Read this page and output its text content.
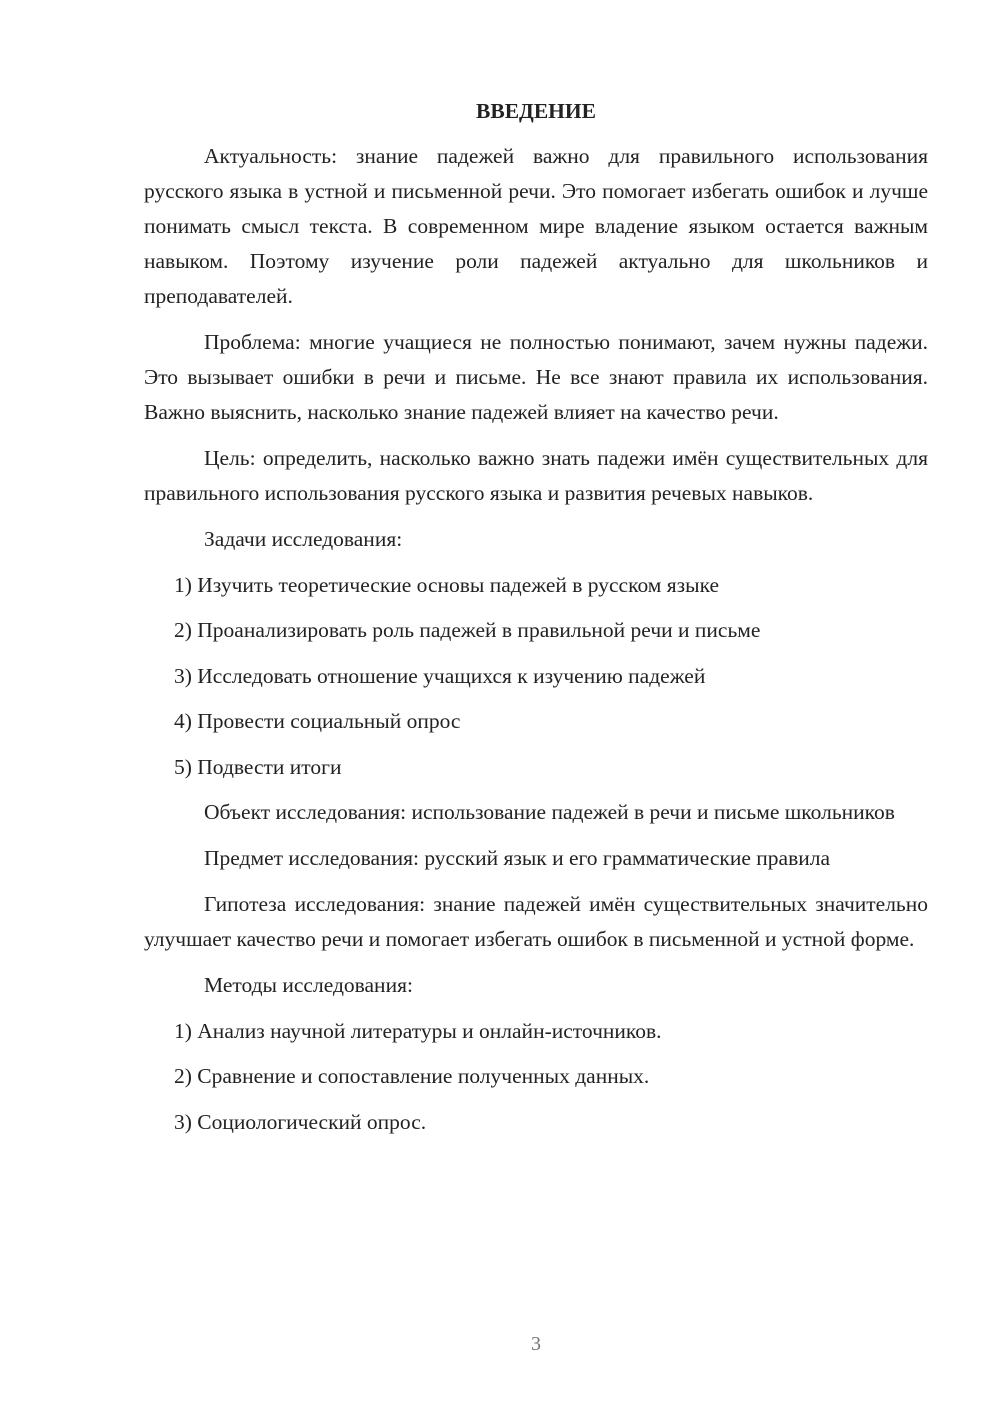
ВВЕДЕНИЕ

Актуальность: знание падежей важно для правильного использования русского языка в устной и письменной речи. Это помогает избегать ошибок и лучше понимать смысл текста. В современном мире владение языком остается важным навыком. Поэтому изучение роли падежей актуально для школьников и преподавателей.

Проблема: многие учащиеся не полностью понимают, зачем нужны падежи. Это вызывает ошибки в речи и письме. Не все знают правила их использования. Важно выяснить, насколько знание падежей влияет на качество речи.

Цель: определить, насколько важно знать падежи имён существительных для правильного использования русского языка и развития речевых навыков.

Задачи исследования:
1) Изучить теоретические основы падежей в русском языке
2) Проанализировать роль падежей в правильной речи и письме
3) Исследовать отношение учащихся к изучению падежей
4) Провести социальный опрос
5) Подвести итоги

Объект исследования: использование падежей в речи и письме школьников

Предмет исследования: русский язык и его грамматические правила

Гипотеза исследования: знание падежей имён существительных значительно улучшает качество речи и помогает избегать ошибок в письменной и устной форме.

Методы исследования:
1) Анализ научной литературы и онлайн-источников.
2) Сравнение и сопоставление полученных данных.
3) Социологический опрос.
3
